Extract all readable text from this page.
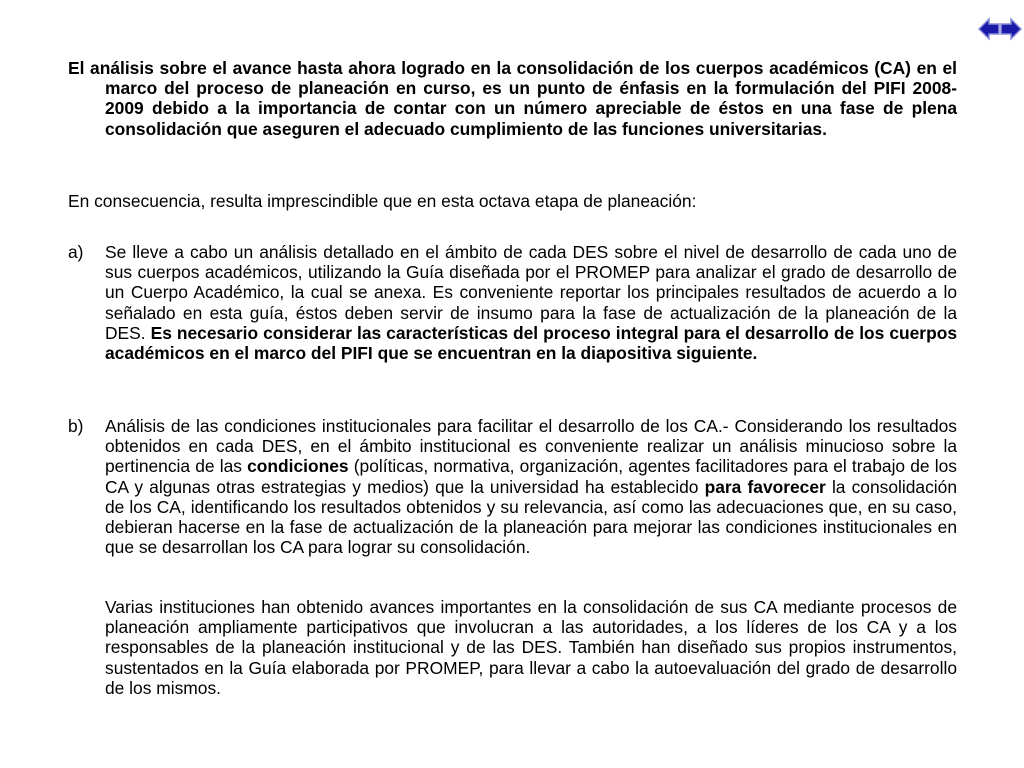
El análisis sobre el avance hasta ahora logrado en la consolidación de los cuerpos académicos (CA) en el marco del proceso de planeación en curso, es un punto de énfasis en la formulación del PIFI 2008-2009 debido a la importancia de contar con un número apreciable de éstos en una fase de plena consolidación que aseguren el adecuado cumplimiento de las funciones universitarias.

En consecuencia, resulta imprescindible que en esta octava etapa de planeación:

a) Se lleve a cabo un análisis detallado en el ámbito de cada DES sobre el nivel de desarrollo de cada uno de sus cuerpos académicos, utilizando la Guía diseñada por el PROMEP para analizar el grado de desarrollo de un Cuerpo Académico, la cual se anexa. Es conveniente reportar los principales resultados de acuerdo a lo señalado en esta guía, éstos deben servir de insumo para la fase de actualización de la planeación de la DES. Es necesario considerar las características del proceso integral para el desarrollo de los cuerpos académicos en el marco del PIFI que se encuentran en la diapositiva siguiente.

b) Análisis de las condiciones institucionales para facilitar el desarrollo de los CA.- Considerando los resultados obtenidos en cada DES, en el ámbito institucional es conveniente realizar un análisis minucioso sobre la pertinencia de las condiciones (políticas, normativa, organización, agentes facilitadores para el trabajo de los CA y algunas otras estrategias y medios) que la universidad ha establecido para favorecer la consolidación de los CA, identificando los resultados obtenidos y su relevancia, así como las adecuaciones que, en su caso, debieran hacerse en la fase de actualización de la planeación para mejorar las condiciones institucionales en que se desarrollan los CA para lograr su consolidación.

Varias instituciones han obtenido avances importantes en la consolidación de sus CA mediante procesos de planeación ampliamente participativos que involucran a las autoridades, a los líderes de los CA y a los responsables de la planeación institucional y de las DES. También han diseñado sus propios instrumentos, sustentados en la Guía elaborada por PROMEP, para llevar a cabo la autoevaluación del grado de desarrollo de los mismos.
